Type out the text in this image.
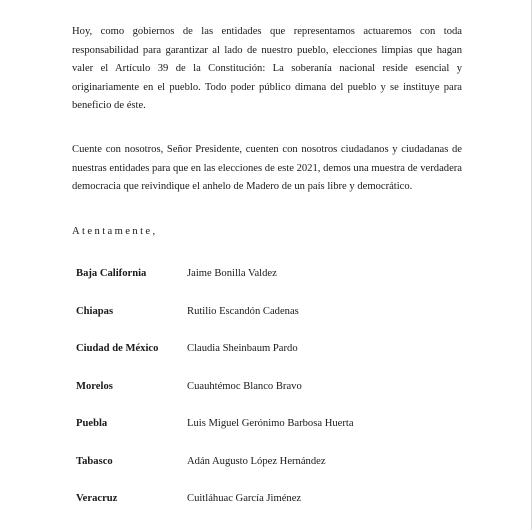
Hoy, como gobiernos de las entidades que representamos actuaremos con toda responsabilidad para garantizar al lado de nuestro pueblo, elecciones limpias que hagan valer el Artículo 39 de la Constitución: La soberanía nacional reside esencial y originariamente en el pueblo. Todo poder público dimana del pueblo y se instituye para beneficio de éste.

Cuente con nosotros, Señor Presidente, cuenten con nosotros ciudadanos y ciudadanas de nuestras entidades para que en las elecciones de este 2021, demos una muestra de verdadera democracia que reivindique el anhelo de Madero de un país libre y democrático.

Atentamente,

Baja California	Jaime Bonilla Valdez
Chiapas	Rutilio Escandón Cadenas
Ciudad de México	Claudia Sheinbaum Pardo
Morelos	Cuauhtémoc Blanco Bravo
Puebla	Luis Miguel Gerónimo Barbosa Huerta
Tabasco	Adán Augusto López Hernández
Veracruz	Cuitláhuac García Jiménez
